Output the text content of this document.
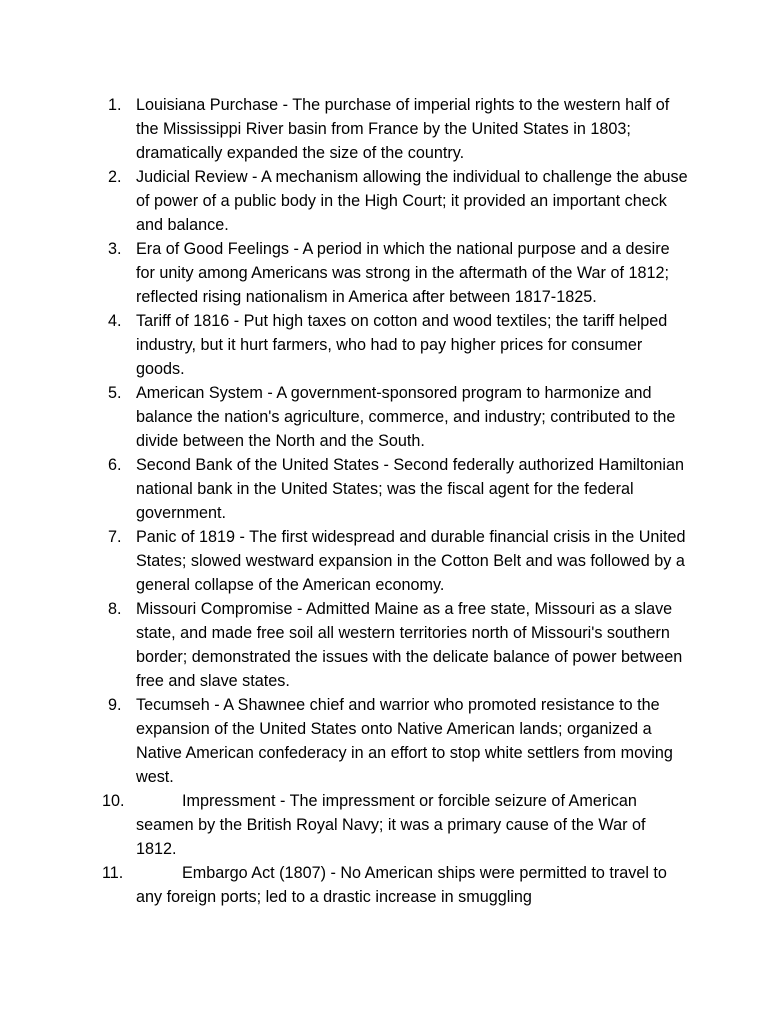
1. Louisiana Purchase - The purchase of imperial rights to the western half of the Mississippi River basin from France by the United States in 1803; dramatically expanded the size of the country.
2. Judicial Review - A mechanism allowing the individual to challenge the abuse of power of a public body in the High Court; it provided an important check and balance.
3. Era of Good Feelings - A period in which the national purpose and a desire for unity among Americans was strong in the aftermath of the War of 1812; reflected rising nationalism in America after between 1817-1825.
4. Tariff of 1816 - Put high taxes on cotton and wood textiles; the tariff helped industry, but it hurt farmers, who had to pay higher prices for consumer goods.
5. American System - A government-sponsored program to harmonize and balance the nation's agriculture, commerce, and industry; contributed to the divide between the North and the South.
6. Second Bank of the United States - Second federally authorized Hamiltonian national bank in the United States; was the fiscal agent for the federal government.
7. Panic of 1819 - The first widespread and durable financial crisis in the United States; slowed westward expansion in the Cotton Belt and was followed by a general collapse of the American economy.
8. Missouri Compromise - Admitted Maine as a free state, Missouri as a slave state, and made free soil all western territories north of Missouri's southern border; demonstrated the issues with the delicate balance of power between free and slave states.
9. Tecumseh - A Shawnee chief and warrior who promoted resistance to the expansion of the United States onto Native American lands; organized a Native American confederacy in an effort to stop white settlers from moving west.
10.	Impressment - The impressment or forcible seizure of American seamen by the British Royal Navy; it was a primary cause of the War of 1812.
11.	Embargo Act (1807) - No American ships were permitted to travel to any foreign ports; led to a drastic increase in smuggling
